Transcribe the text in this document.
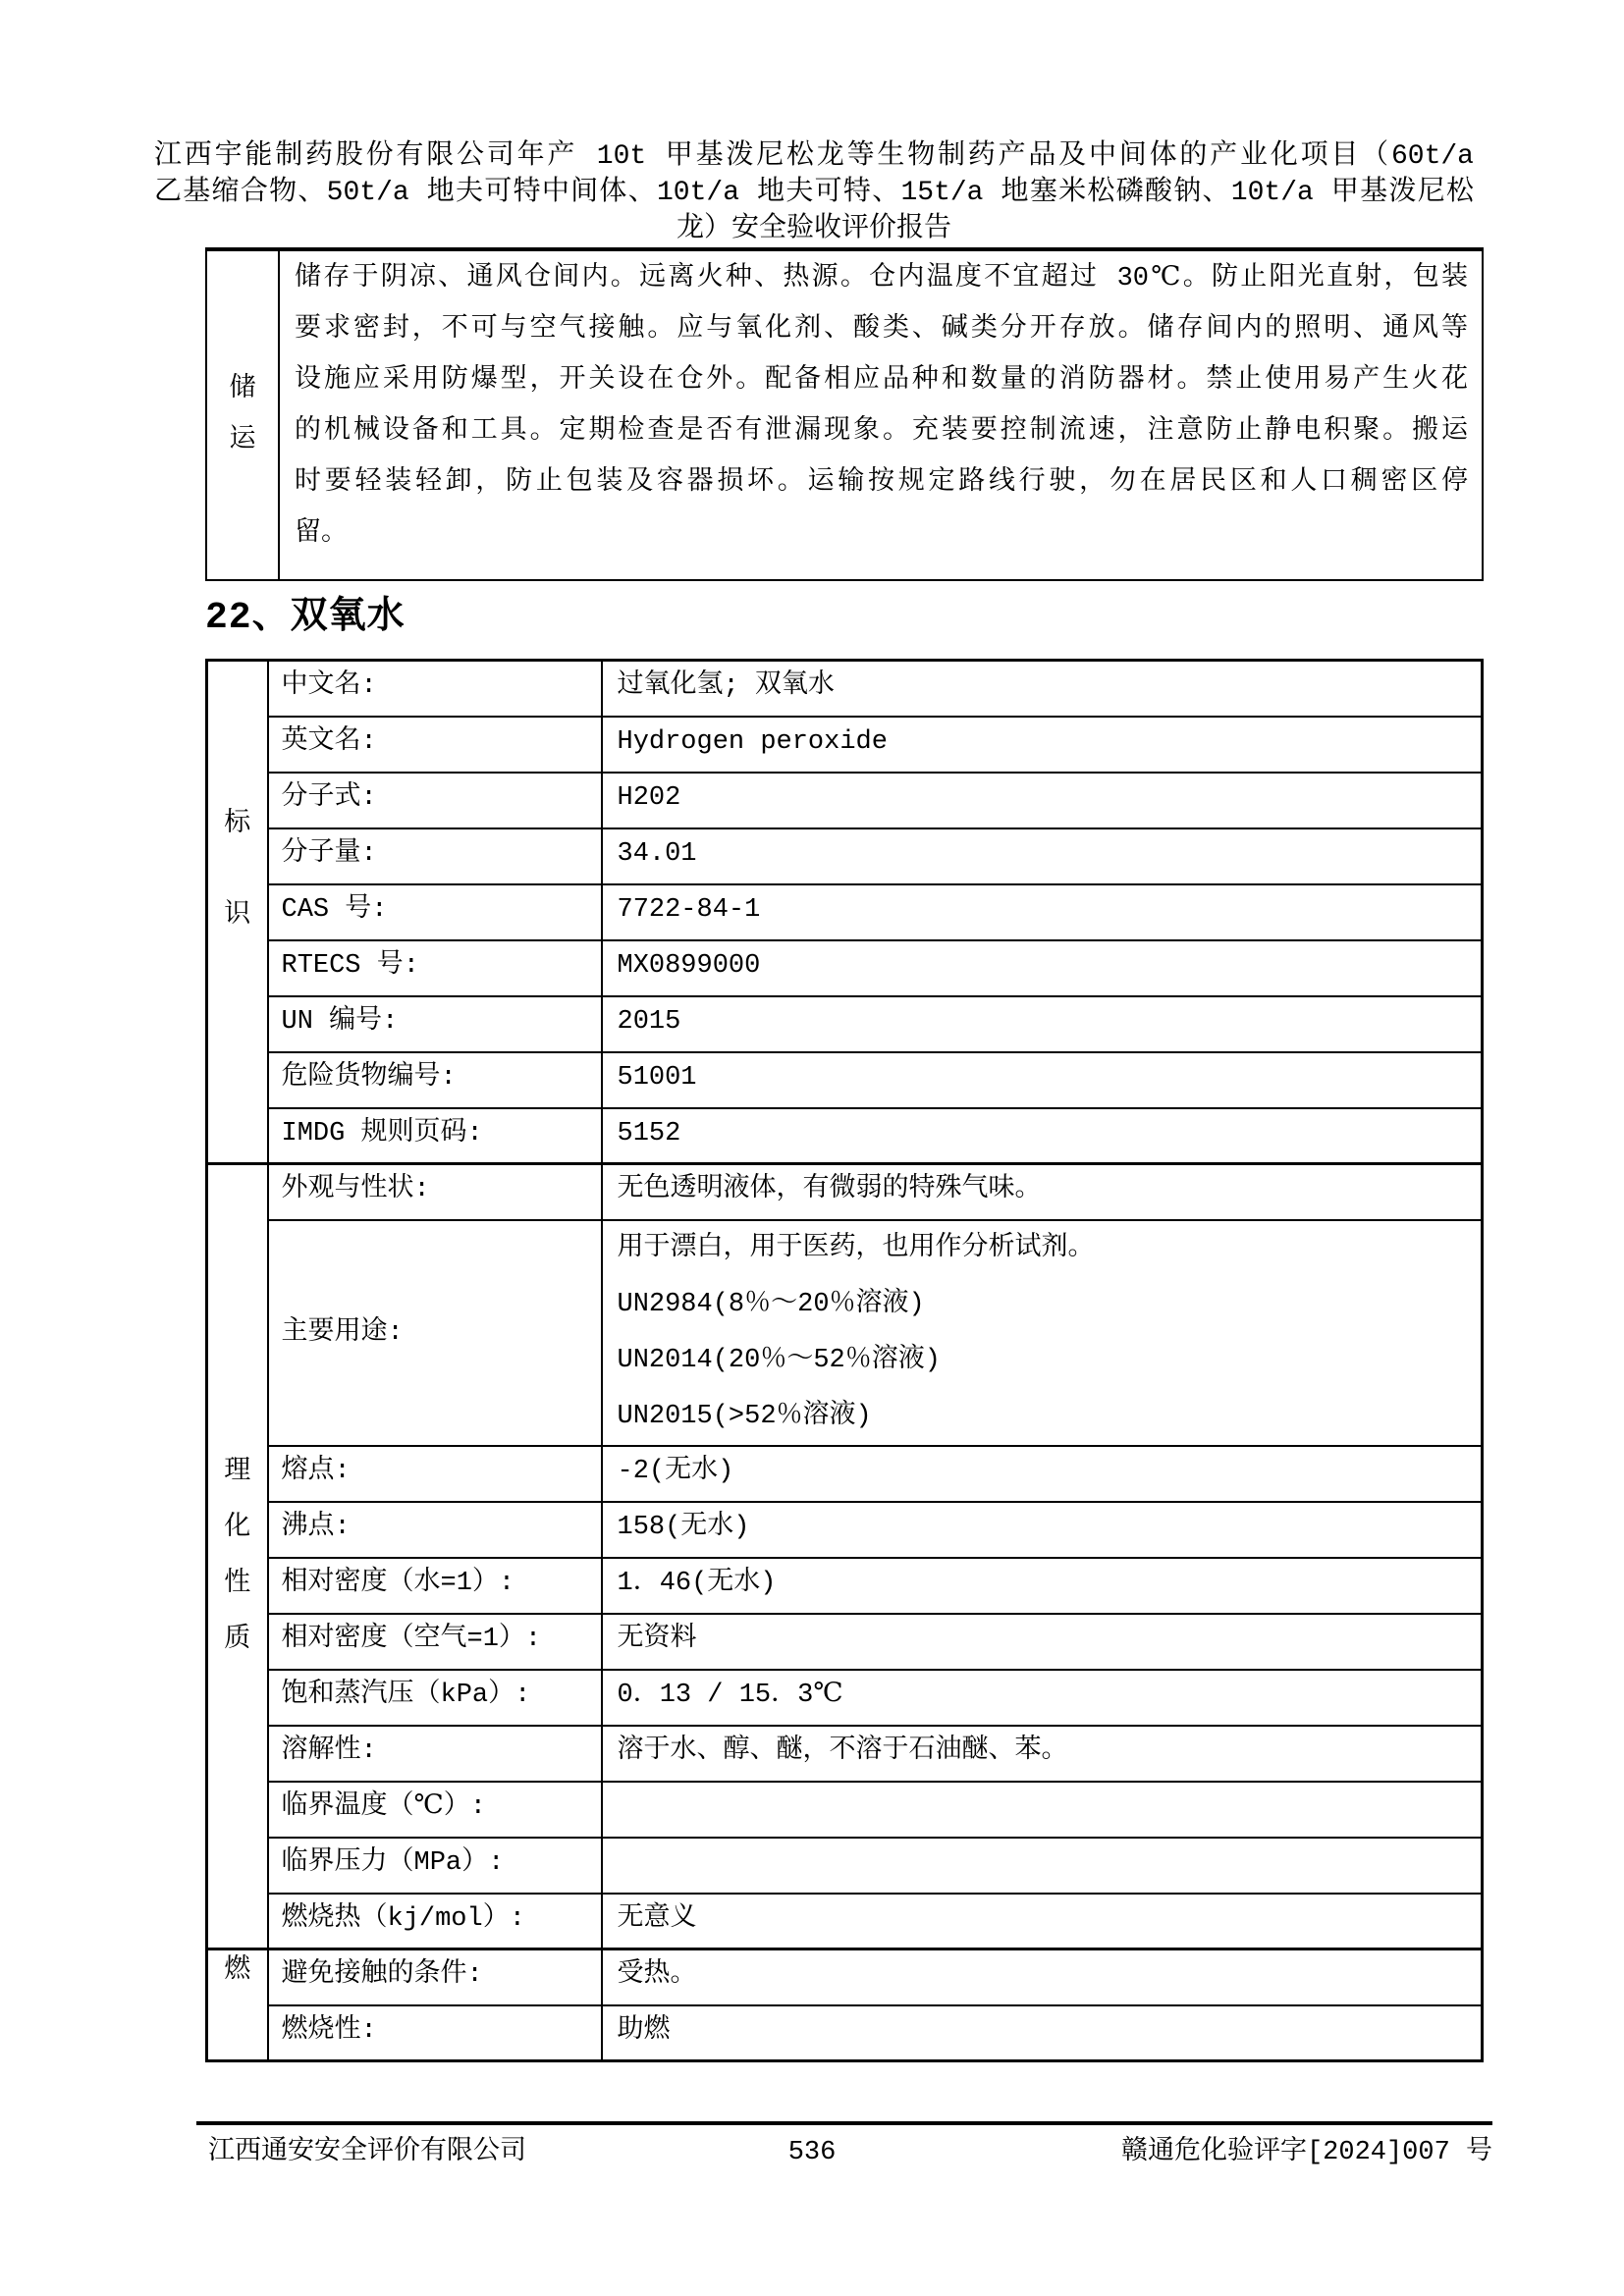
江西宇能制药股份有限公司年产 10t 甲基泼尼松龙等生物制药产品及中间体的产业化项目（60t/a
乙基缩合物、50t/a 地夫可特中间体、10t/a 地夫可特、15t/a 地塞米松磷酸钠、10t/a 甲基泼尼松
龙）安全验收评价报告
储
运

储存于阴凉、通风仓间内。远离火种、热源。仓内温度不宜超过 30℃。防止阳光直射，包装
要求密封，不可与空气接触。应与氧化剂、酸类、碱类分开存放。储存间内的照明、通风等
设施应采用防爆型，开关设在仓外。配备相应品种和数量的消防器材。禁止使用易产生火花
的机械设备和工具。定期检查是否有泄漏现象。充装要控制流速，注意防止静电积聚。搬运
时要轻装轻卸，防止包装及容器损坏。运输按规定路线行驶，勿在居民区和人口稠密区停
留。
22、双氧水
标
识	中文名:	过氧化氢; 双氧水
	英文名:	Hydrogen peroxide
	分子式:	H202
	分子量:	34.01
	CAS 号:	7722-84-1
	RTECS 号:	MX0899000
	UN 编号:	2015
	危险货物编号:	51001
	IMDG 规则页码:	5152

理
化
性
质	外观与性状:	无色透明液体，有微弱的特殊气味。
	主要用途:	用于漂白，用于医药，也用作分析试剂。
UN2984(8％～20％溶液)
UN2014(20％～52％溶液)
UN2015(>52％溶液)

	熔点:	-2(无水)
	沸点:	158(无水)
	相对密度（水=1）:	1．46(无水)
	相对密度（空气=1）:	无资料
	饱和蒸汽压（kPa）:	0．13 / 15．3℃
	溶解性:	溶于水、醇、醚，不溶于石油醚、苯。
	临界温度（℃）:	
	临界压力（MPa）:	
	燃烧热（kj/mol）:	无意义

燃	避免接触的条件:	受热。
	燃烧性:	助燃
536
江西通安安全评价有限公司	赣通危化验评字[2024]007 号
